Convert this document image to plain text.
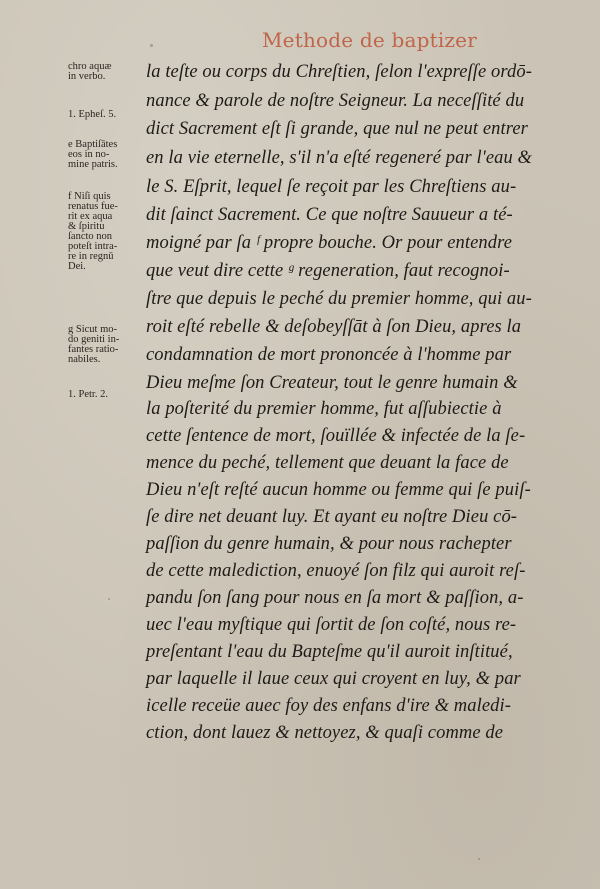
Methode de baptizer
la teſte ou corps du Chreſtien, ſelon l'expreſſe ordō-
nance & parole de noſtre Seigneur. La neceſſité du
dict Sacrement eſt ſi grande, que nul ne peut entrer
en la vie eternelle, s'il n'a eſté regeneré par l'eau &
le S. Eſprit, lequel ſe reçoit par les Chreſtiens au-
dit ſainct Sacrement. Ce que noſtre Sauueur a té-
moigné par ſa ᶠ propre bouche. Or pour entendre
que veut dire cette ᵍ regeneration, faut recognoi-
ſtre que depuis le peché du premier homme, qui au-
roit eſté rebelle & deſobeyſſāt à ſon Dieu, apres la
condamnation de mort prononcée à l'homme par
Dieu meſme ſon Createur, tout le genre humain &
la poſterité du premier homme, fut aſſubiectie à
cette ſentence de mort, ſouïllée & infectée de la ſe-
mence du peché, tellement que deuant la face de
Dieu n'eſt reſté aucun homme ou femme qui ſe puiſ-
ſe dire net deuant luy. Et ayant eu noſtre Dieu cō-
paſſion du genre humain, & pour nous rachepter
de cette malediction, enuoyé ſon filz qui auroit reſ-
pandu ſon ſang pour nous en ſa mort & paſſion, a-
uec l'eau myſtique qui ſortit de ſon coſté, nous re-
preſentant l'eau du Bapteſme qu'il auroit inſtitué,
par laquelle il laue ceux qui croyent en luy, & par
icelle receüe auec foy des enfans d'ire & maledi-
ction, dont lauez & nettoyez, & quaſi comme de
chro aquæ
in verbo.
1. Epheſ. 5.
e Baptiſātes
eos in no-
mine patris.
f Niſi quis
renatus fue-
rit ex aqua
& ſpiritu
ſancto non
poteſt intra-
re in regnū
Dei.
g Sicut mo-
do geniti in-
fantes ratio-
nabiles.
1. Petr. 2.
